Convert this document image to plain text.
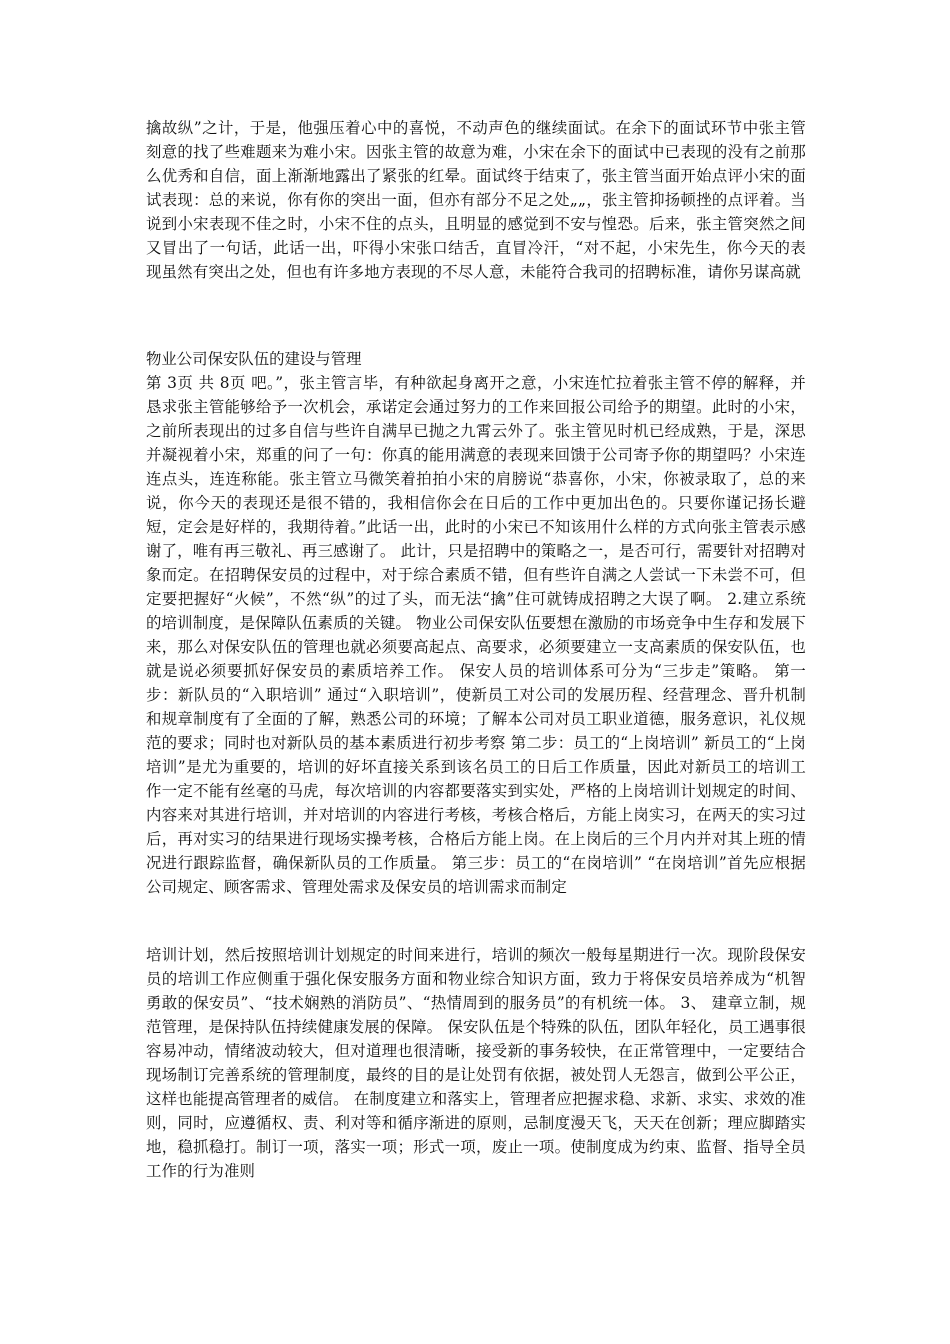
擒故纵”之计，于是，他强压着心中的喜悦，不动声色的继续面试。在余下的面试环节中张主管刻意的找了些难题来为难小宋。因张主管的故意为难，小宋在余下的面试中已表现的没有之前那么优秀和自信，面上渐渐地露出了紧张的红晕。面试终于结束了，张主管当面开始点评小宋的面试表现：总的来说，你有你的突出一面，但亦有部分不足之处„„，张主管抑扬顿挫的点评着。当说到小宋表现不佳之时，小宋不住的点头，且明显的感觉到不安与惶恐。后来，张主管突然之间又冒出了一句话，此话一出，吓得小宋张口结舌，直冒冷汗，“对不起，小宋先生，你今天的表现虽然有突出之处，但也有许多地方表现的不尽人意，未能符合我司的招聘标准，请你另谋高就

物业公司保安队伍的建设与管理

第 3页 共 8页 吧。”，张主管言毕，有种欲起身离开之意，小宋连忙拉着张主管不停的解释，并恳求张主管能够给予一次机会，承诺定会通过努力的工作来回报公司给予的期望。此时的小宋，之前所表现出的过多自信与些许自满早已抛之九霄云外了。张主管见时机已经成熟，于是，深思并凝视着小宋，郑重的问了一句：你真的能用满意的表现来回馈于公司寄予你的期望吗？小宋连连点头，连连称能。张主管立马微笑着拍拍小宋的肩膀说“恭喜你，小宋，你被录取了，总的来说，你今天的表现还是很不错的，我相信你会在日后的工作中更加出色的。只要你谨记扬长避短，定会是好样的，我期待着。”此话一出，此时的小宋已不知该用什么样的方式向张主管表示感谢了，唯有再三敬礼、再三感谢了。 此计，只是招聘中的策略之一，是否可行，需要针对招聘对象而定。在招聘保安员的过程中，对于综合素质不错，但有些许自满之人尝试一下未尝不可，但定要把握好“火候”，不然“纵”的过了头，而无法“擒”住可就铸成招聘之大误了啊。 2.建立系统的培训制度，是保障队伍素质的关键。 物业公司保安队伍要想在激励的市场竞争中生存和发展下来，那么对保安队伍的管理也就必须要高起点、高要求，必须要建立一支高素质的保安队伍，也就是说必须要抓好保安员的素质培养工作。 保安人员的培训体系可分为“三步走”策略。 第一步：新队员的“入职培训” 通过“入职培训”，使新员工对公司的发展历程、经营理念、晋升机制和规章制度有了全面的了解，熟悉公司的环境；了解本公司对员工职业道德，服务意识，礼仪规范的要求；同时也对新队员的基本素质进行初步考察 第二步：员工的“上岗培训” 新员工的“上岗培训”是尤为重要的，培训的好坏直接关系到该名员工的日后工作质量，因此对新员工的培训工作一定不能有丝毫的马虎，每次培训的内容都要落实到实处，严格的上岗培训计划规定的时间、内容来对其进行培训，并对培训的内容进行考核，考核合格后，方能上岗实习，在两天的实习过后，再对实习的结果进行现场实操考核，合格后方能上岗。在上岗后的三个月内并对其上班的情况进行跟踪监督，确保新队员的工作质量。 第三步：员工的“在岗培训” “在岗培训”首先应根据公司规定、顾客需求、管理处需求及保安员的培训需求而制定

培训计划，然后按照培训计划规定的时间来进行，培训的频次一般每星期进行一次。现阶段保安员的培训工作应侧重于强化保安服务方面和物业综合知识方面，致力于将保安员培养成为“机智勇敢的保安员”、“技术娴熟的消防员”、“热情周到的服务员”的有机统一体。 3、 建章立制，规范管理，是保持队伍持续健康发展的保障。 保安队伍是个特殊的队伍，团队年轻化，员工遇事很容易冲动，情绪波动较大，但对道理也很清晰，接受新的事务较快，在正常管理中，一定要结合现场制订完善系统的管理制度，最终的目的是让处罚有依据，被处罚人无怨言，做到公平公正，这样也能提高管理者的威信。 在制度建立和落实上，管理者应把握求稳、求新、求实、求效的准则，同时，应遵循权、责、利对等和循序渐进的原则，忌制度漫天飞，天天在创新；理应脚踏实地，稳抓稳打。制订一项，落实一项；形式一项，废止一项。使制度成为约束、监督、指导全员工作的行为准则
